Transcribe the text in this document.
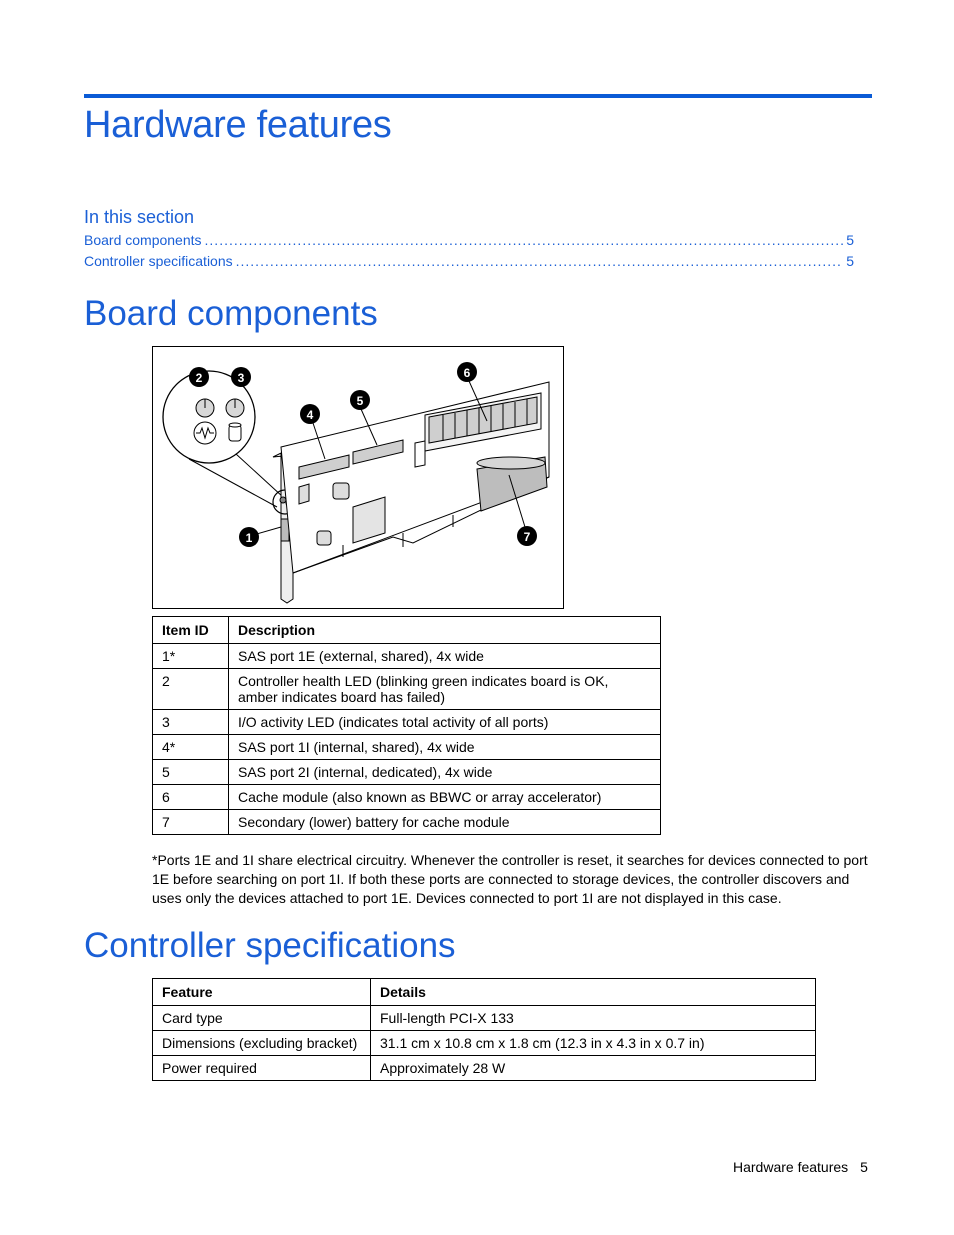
Hardware features
In this section
Board components .....	5
Controller specifications .....	5
Board components
2	3	6
4
5
1	7
Item ID	Description
1*	SAS port 1E (external, shared), 4x wide
2	Controller health LED (blinking green indicates board is OK, amber indicates board has failed)
3	I/O activity LED (indicates total activity of all ports)
4*	SAS port 1I (internal, shared), 4x wide
5	SAS port 2I (internal, dedicated), 4x wide
6	Cache module (also known as BBWC or array accelerator)
7	Secondary (lower) battery for cache module
*Ports 1E and 1I share electrical circuitry. Whenever the controller is reset, it searches for devices connected to port 1E before searching on port 1I. If both these ports are connected to storage devices, the controller discovers and uses only the devices attached to port 1E. Devices connected to port 1I are not displayed in this case.
Controller specifications
Feature	Details
Card type	Full-length PCI-X 133
Dimensions (excluding bracket)	31.1 cm x 10.8 cm x 1.8 cm (12.3 in x 4.3 in x 0.7 in)
Power required	Approximately 28 W
Hardware features 5
